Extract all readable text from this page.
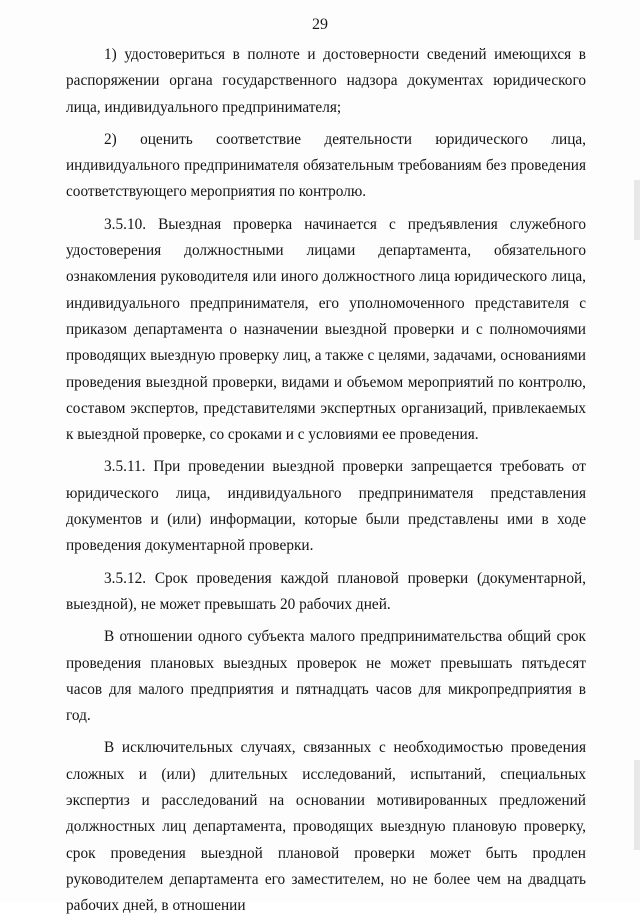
29

1) удостовериться в полноте и достоверности сведений имеющихся в распоряжении органа государственного надзора документах юридического лица, индивидуального предпринимателя;

2) оценить соответствие деятельности юридического лица, индивидуального предпринимателя обязательным требованиям без проведения соответствующего мероприятия по контролю.

3.5.10. Выездная проверка начинается с предъявления служебного удостоверения должностными лицами департамента, обязательного ознакомления руководителя или иного должностного лица юридического лица, индивидуального предпринимателя, его уполномоченного представителя с приказом департамента о назначении выездной проверки и с полномочиями проводящих выездную проверку лиц, а также с целями, задачами, основаниями проведения выездной проверки, видами и объемом мероприятий по контролю, составом экспертов, представителями экспертных организаций, привлекаемых к выездной проверке, со сроками и с условиями ее проведения.

3.5.11. При проведении выездной проверки запрещается требовать от юридического лица, индивидуального предпринимателя представления документов и (или) информации, которые были представлены ими в ходе проведения документарной проверки.

3.5.12. Срок проведения каждой плановой проверки (документарной, выездной), не может превышать 20 рабочих дней.

В отношении одного субъекта малого предпринимательства общий срок проведения плановых выездных проверок не может превышать пятьдесят часов для малого предприятия и пятнадцать часов для микропредприятия в год.

В исключительных случаях, связанных с необходимостью проведения сложных и (или) длительных исследований, испытаний, специальных экспертиз и расследований на основании мотивированных предложений должностных лиц департамента, проводящих выездную плановую проверку, срок проведения выездной плановой проверки может быть продлен руководителем департамента его заместителем, но не более чем на двадцать рабочих дней, в отношении
